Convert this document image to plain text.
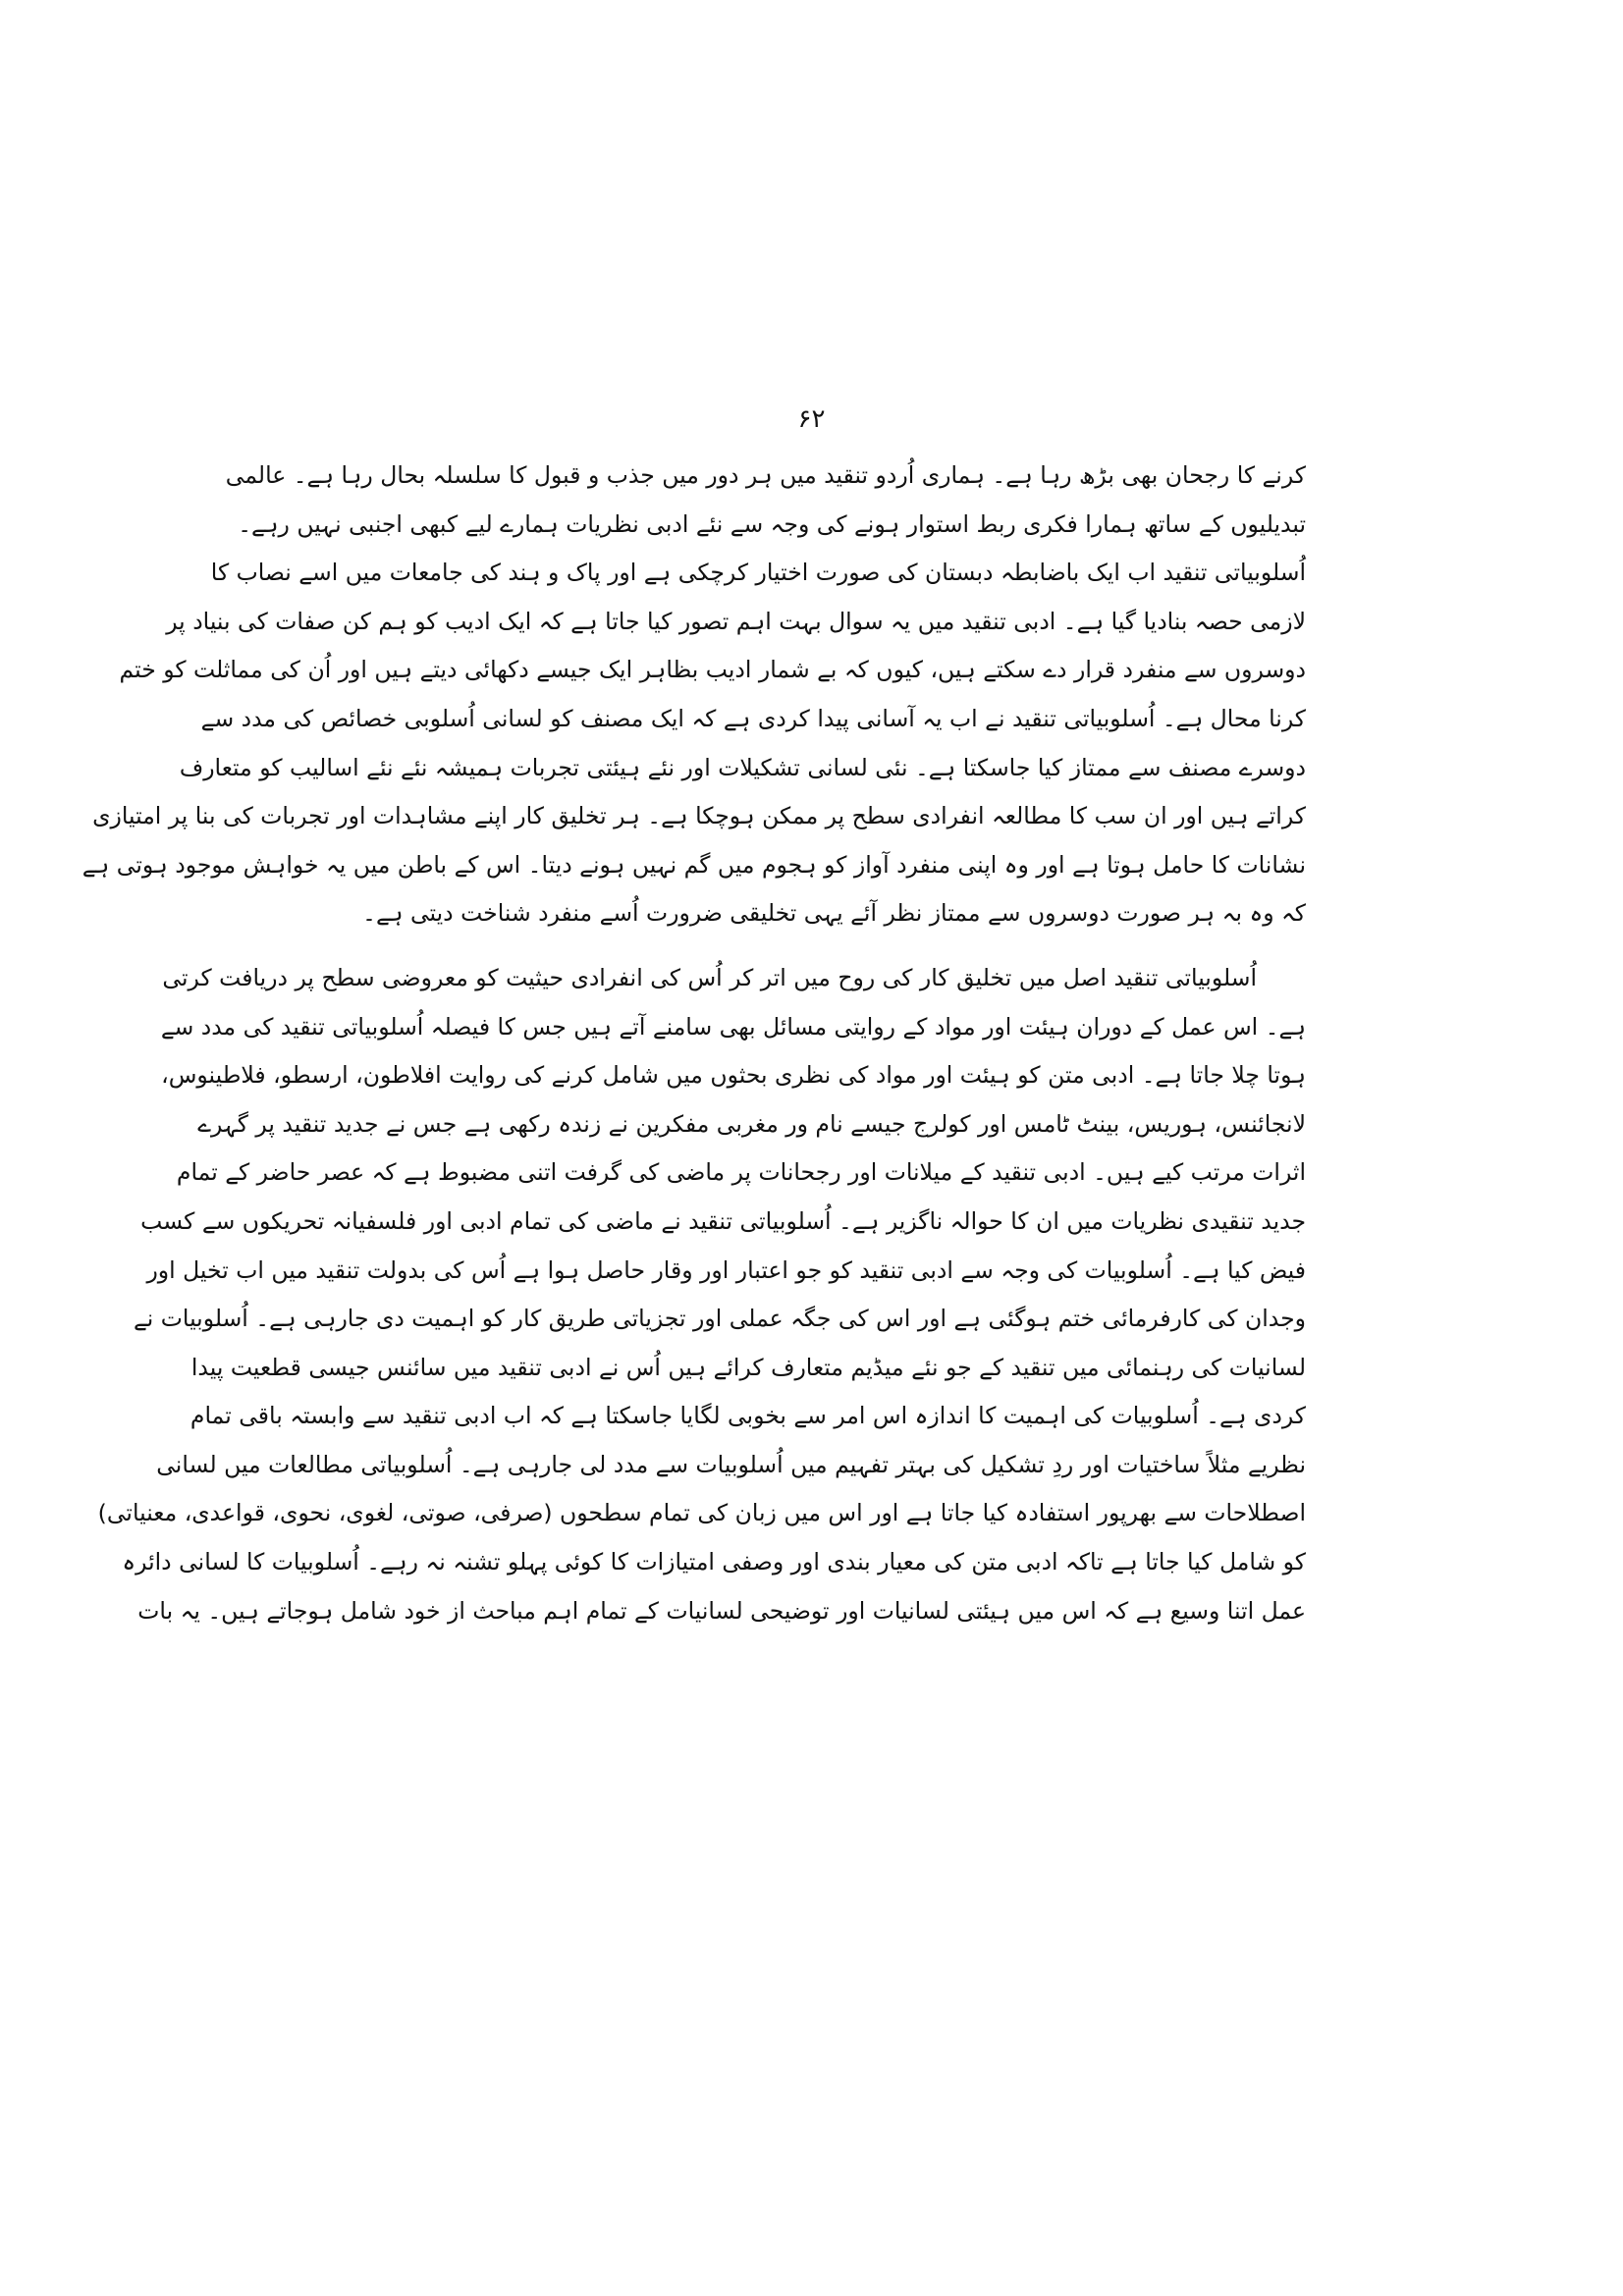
۶۲
کرنے کا رجحان بھی بڑھ رہا ہے۔ ہماری اُردو تنقید میں ہر دور میں جذب و قبول کا سلسلہ بحال رہا ہے۔ عالمی
تبدیلیوں کے ساتھ ہمارا فکری ربط استوار ہونے کی وجہ سے نئے ادبی نظریات ہمارے لیے کبھی اجنبی نہیں رہے۔
اُسلوبیاتی تنقید اب ایک باضابطہ دبستان کی صورت اختیار کرچکی ہے اور پاک و ہند کی جامعات میں اسے نصاب کا
لازمی حصہ بنادیا گیا ہے۔ ادبی تنقید میں یہ سوال بہت اہم تصور کیا جاتا ہے کہ ایک ادیب کو ہم کن صفات کی بنیاد پر
دوسروں سے منفرد قرار دے سکتے ہیں، کیوں کہ بے شمار ادیب بظاہر ایک جیسے دکھائی دیتے ہیں اور اُن کی مماثلت کو ختم
کرنا محال ہے۔ اُسلوبیاتی تنقید نے اب یہ آسانی پیدا کردی ہے کہ ایک مصنف کو لسانی اُسلوبی خصائص کی مدد سے
دوسرے مصنف سے ممتاز کیا جاسکتا ہے۔ نئی لسانی تشکیلات اور نئے ہیئتی تجربات ہمیشہ نئے نئے اسالیب کو متعارف
کراتے ہیں اور ان سب کا مطالعہ انفرادی سطح پر ممکن ہوچکا ہے۔ ہر تخلیق کار اپنے مشاہدات اور تجربات کی بنا پر امتیازی
نشانات کا حامل ہوتا ہے اور وہ اپنی منفرد آواز کو ہجوم میں گم نہیں ہونے دیتا۔ اس کے باطن میں یہ خواہش موجود ہوتی ہے
کہ وہ بہ ہر صورت دوسروں سے ممتاز نظر آئے یہی تخلیقی ضرورت اُسے منفرد شناخت دیتی ہے۔
اُسلوبیاتی تنقید اصل میں تخلیق کار کی روح میں اتر کر اُس کی انفرادی حیثیت کو معروضی سطح پر دریافت کرتی
ہے۔ اس عمل کے دوران ہیئت اور مواد کے روایتی مسائل بھی سامنے آتے ہیں جس کا فیصلہ اُسلوبیاتی تنقید کی مدد سے
ہوتا چلا جاتا ہے۔ ادبی متن کو ہیئت اور مواد کی نظری بحثوں میں شامل کرنے کی روایت افلاطون، ارسطو، فلاطینوس،
لانجائنس، ہوریس، بینٹ ٹامس اور کولرج جیسے نام ور مغربی مفکرین نے زندہ رکھی ہے جس نے جدید تنقید پر گہرے
اثرات مرتب کیے ہیں۔ ادبی تنقید کے میلانات اور رجحانات پر ماضی کی گرفت اتنی مضبوط ہے کہ عصر حاضر کے تمام
جدید تنقیدی نظریات میں ان کا حوالہ ناگزیر ہے۔ اُسلوبیاتی تنقید نے ماضی کی تمام ادبی اور فلسفیانہ تحریکوں سے کسب
فیض کیا ہے۔ اُسلوبیات کی وجہ سے ادبی تنقید کو جو اعتبار اور وقار حاصل ہوا ہے اُس کی بدولت تنقید میں اب تخیل اور
وجدان کی کارفرمائی ختم ہوگئی ہے اور اس کی جگہ عملی اور تجزیاتی طریق کار کو اہمیت دی جارہی ہے۔ اُسلوبیات نے
لسانیات کی رہنمائی میں تنقید کے جو نئے میڈیم متعارف کرائے ہیں اُس نے ادبی تنقید میں سائنس جیسی قطعیت پیدا
کردی ہے۔ اُسلوبیات کی اہمیت کا اندازہ اس امر سے بخوبی لگایا جاسکتا ہے کہ اب ادبی تنقید سے وابستہ باقی تمام
نظریے مثلاً ساختیات اور ردِ تشکیل کی بہتر تفہیم میں اُسلوبیات سے مدد لی جارہی ہے۔ اُسلوبیاتی مطالعات میں لسانی
اصطلاحات سے بھرپور استفادہ کیا جاتا ہے اور اس میں زبان کی تمام سطحوں (صرفی، صوتی، لغوی، نحوی، قواعدی، معنیاتی)
کو شامل کیا جاتا ہے تاکہ ادبی متن کی معیار بندی اور وصفی امتیازات کا کوئی پہلو تشنہ نہ رہے۔ اُسلوبیات کا لسانی دائرہ
عمل اتنا وسیع ہے کہ اس میں ہیئتی لسانیات اور توضیحی لسانیات کے تمام اہم مباحث از خود شامل ہوجاتے ہیں۔ یہ بات
